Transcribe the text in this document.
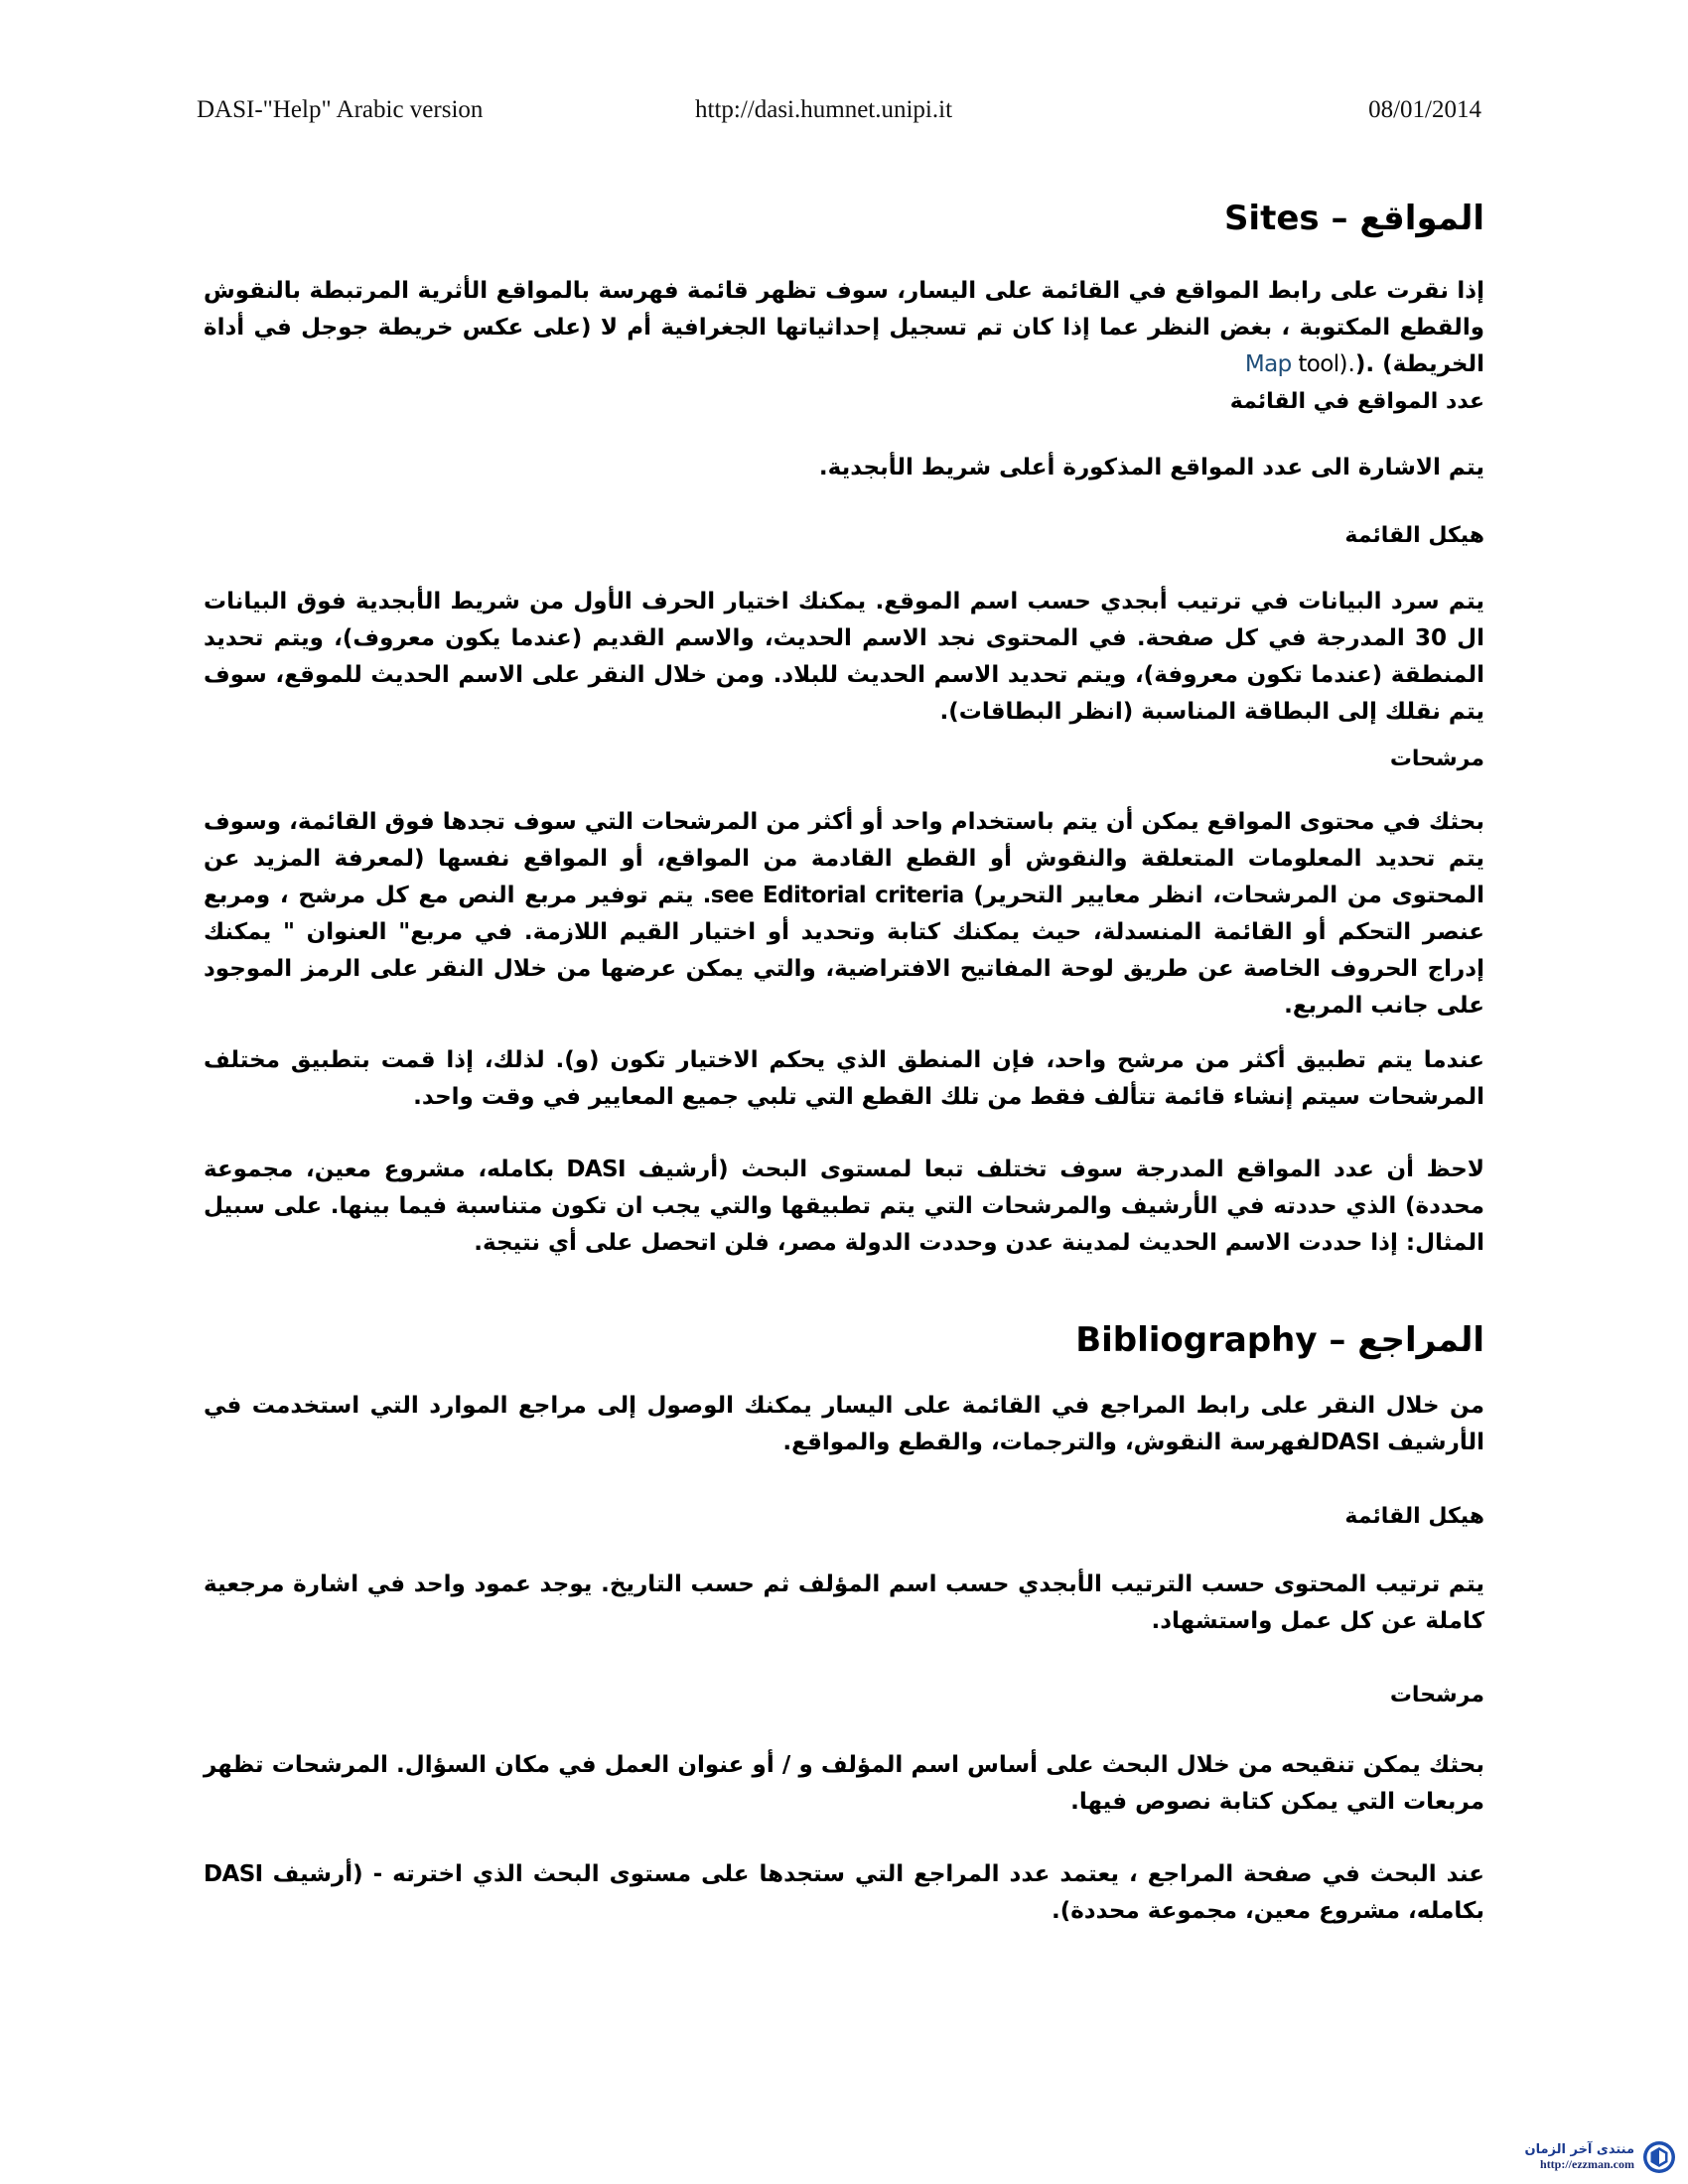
DASI-"Help" Arabic version	http://dasi.humnet.unipi.it	08/01/2014
المواقع – Sites

إذا نقرت على رابط المواقع في القائمة على اليسار، سوف تظهر قائمة فهرسة بالمواقع الأثرية المرتبطة بالنقوش والقطع المكتوبة ، بغض النظر عما إذا كان تم تسجيل إحداثياتها الجغرافية أم لا (على عكس خريطة جوجل في أداة الخريطة) .(Map tool).

عدد المواقع في القائمة

يتم الاشارة الى عدد المواقع المذكورة أعلى شريط الأبجدية.

هيكل القائمة

يتم سرد البيانات في ترتيب أبجدي حسب اسم الموقع. يمكنك اختيار الحرف الأول من شريط الأبجدية فوق البيانات ال 30 المدرجة في كل صفحة. في المحتوى نجد الاسم الحديث، والاسم القديم (عندما يكون معروف)، ويتم تحديد المنطقة (عندما تكون معروفة)، ويتم تحديد الاسم الحديث للبلاد. ومن خلال النقر على الاسم الحديث للموقع، سوف يتم نقلك إلى البطاقة المناسبة (انظر البطاقات).

مرشحات

بحثك في محتوى المواقع يمكن أن يتم باستخدام واحد أو أكثر من المرشحات التي سوف تجدها فوق القائمة، وسوف يتم تحديد المعلومات المتعلقة والنقوش أو القطع القادمة من المواقع، أو المواقع نفسها (لمعرفة المزيد عن المحتوى من المرشحات، انظر معايير التحرير) see Editorial criteria. يتم توفير مربع النص مع كل مرشح ، ومربع عنصر التحكم أو القائمة المنسدلة، حيث يمكنك كتابة وتحديد أو اختيار القيم اللازمة. في مربع" العنوان " يمكنك إدراج الحروف الخاصة عن طريق لوحة المفاتيح الافتراضية، والتي يمكن عرضها من خلال النقر على الرمز الموجود على جانب المربع.

عندما يتم تطبيق أكثر من مرشح واحد، فإن المنطق الذي يحكم الاختيار تكون (و). لذلك، إذا قمت بتطبيق مختلف المرشحات سيتم إنشاء قائمة تتألف فقط من تلك القطع التي تلبي جميع المعايير في وقت واحد.

لاحظ أن عدد المواقع المدرجة سوف تختلف تبعا لمستوى البحث (أرشيف DASI بكامله، مشروع معين، مجموعة محددة) الذي حددته في الأرشيف والمرشحات التي يتم تطبيقها والتي يجب ان تكون متناسبة فيما بينها. على سبيل المثال: إذا حددت الاسم الحديث لمدينة عدن وحددت الدولة مصر، فلن اتحصل على أي نتيجة.

المراجع – Bibliography

من خلال النقر على رابط المراجع في القائمة على اليسار يمكنك الوصول إلى مراجع الموارد التي استخدمت في الأرشيف DASIلفهرسة النقوش، والترجمات، والقطع والمواقع.

هيكل القائمة

يتم ترتيب المحتوى حسب الترتيب الأبجدي حسب اسم المؤلف ثم حسب التاريخ. يوجد عمود واحد في اشارة مرجعية كاملة عن كل عمل واستشهاد.

مرشحات

بحثك يمكن تنقيحه من خلال البحث على أساس اسم المؤلف و / أو عنوان العمل في مكان السؤال. المرشحات تظهر مربعات التي يمكن كتابة نصوص فيها.

عند البحث في صفحة المراجع ، يعتمد عدد المراجع التي ستجدها على مستوى البحث الذي اخترته - (أرشيف DASI بكامله، مشروع معين، مجموعة محددة).

منتدى آخر الزمان
http://ezzman.com
